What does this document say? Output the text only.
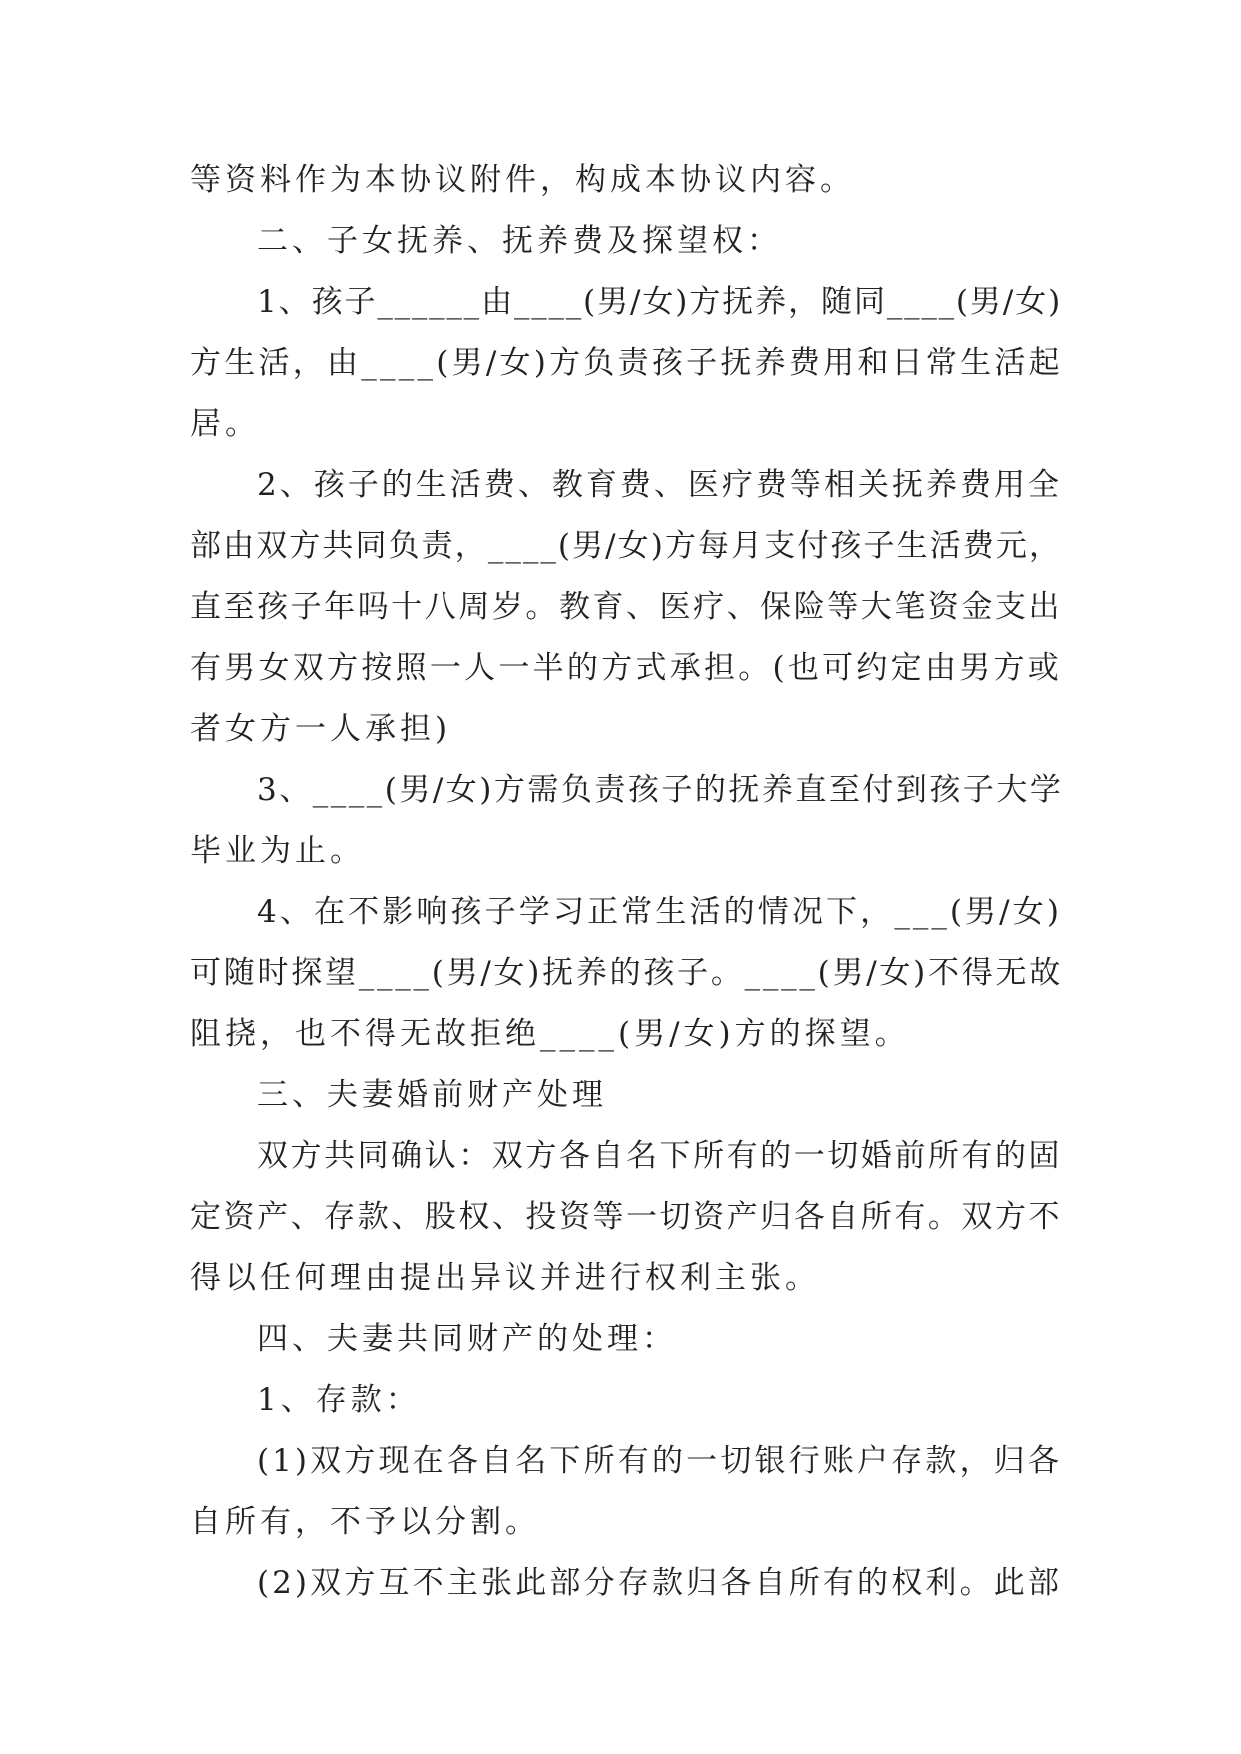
等资料作为本协议附件，构成本协议内容。
二、子女抚养、抚养费及探望权：
1、孩子______由____(男/女)方抚养，随同____(男/女)
方生活，由____(男/女)方负责孩子抚养费用和日常生活起
居。
2、孩子的生活费、教育费、医疗费等相关抚养费用全
部由双方共同负责，____(男/女)方每月支付孩子生活费元，
直至孩子年吗十八周岁。教育、医疗、保险等大笔资金支出
有男女双方按照一人一半的方式承担。(也可约定由男方或
者女方一人承担)
3、____(男/女)方需负责孩子的抚养直至付到孩子大学
毕业为止。
4、在不影响孩子学习正常生活的情况下，___(男/女)
可随时探望____(男/女)抚养的孩子。____(男/女)不得无故
阻挠，也不得无故拒绝____(男/女)方的探望。
三、夫妻婚前财产处理
双方共同确认：双方各自名下所有的一切婚前所有的固
定资产、存款、股权、投资等一切资产归各自所有。双方不
得以任何理由提出异议并进行权利主张。
四、夫妻共同财产的处理：
1、存款：
(1)双方现在各自名下所有的一切银行账户存款，归各
自所有，不予以分割。
(2)双方互不主张此部分存款归各自所有的权利。此部
